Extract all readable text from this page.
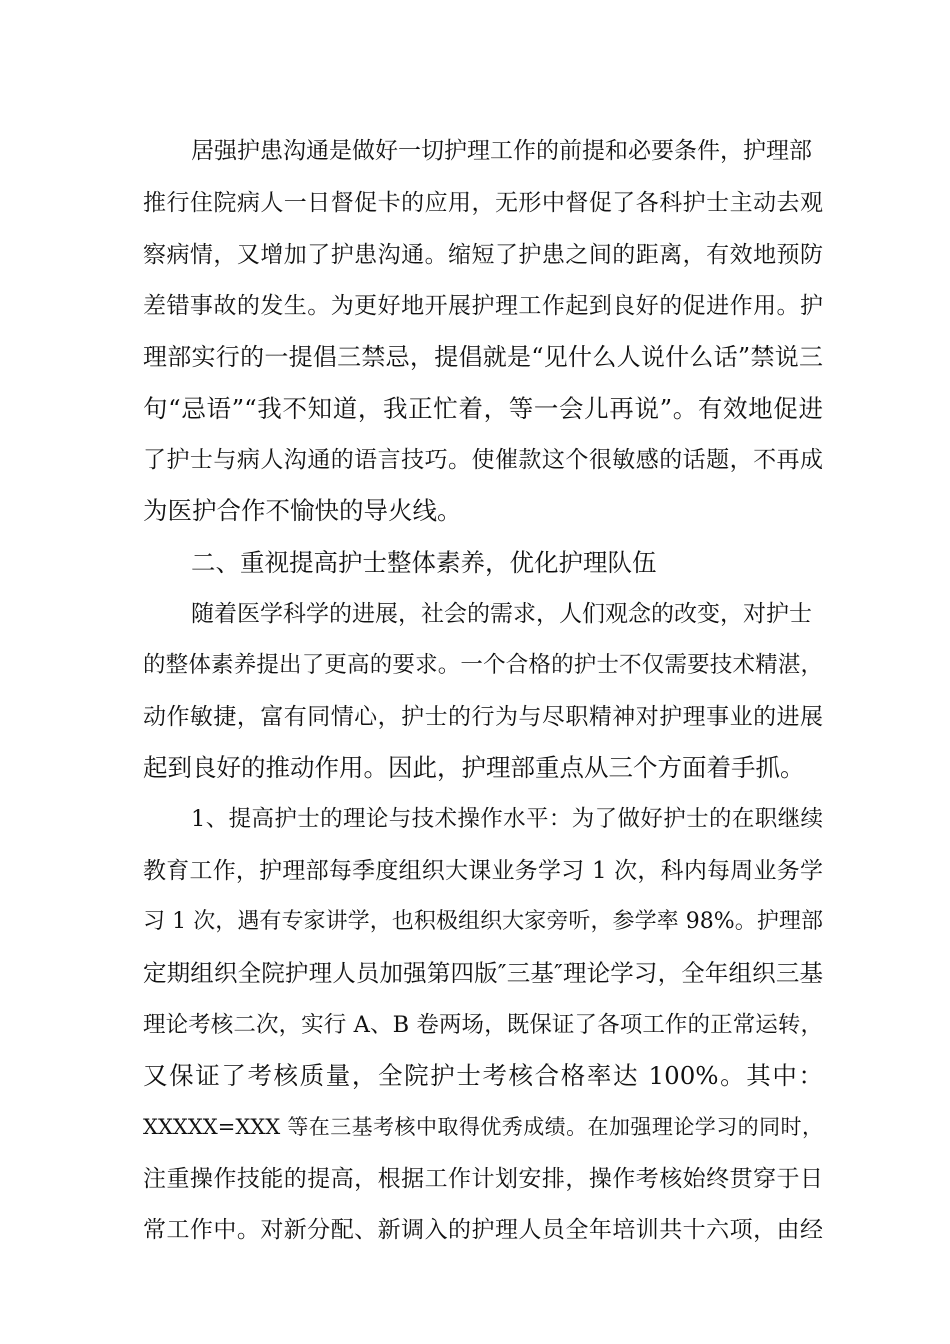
居强护患沟通是做好一切护理工作的前提和必要条件，护理部
推行住院病人一日督促卡的应用，无形中督促了各科护士主动去观
察病情，又增加了护患沟通。缩短了护患之间的距离，有效地预防
差错事故的发生。为更好地开展护理工作起到良好的促进作用。护
理部实行的一提倡三禁忌，提倡就是“见什么人说什么话”禁说三
句“忌语”“我不知道，我正忙着，等一会儿再说”。有效地促进
了护士与病人沟通的语言技巧。使催款这个很敏感的话题，不再成
为医护合作不愉快的导火线。
二、重视提高护士整体素养，优化护理队伍
随着医学科学的进展，社会的需求，人们观念的改变，对护士
的整体素养提出了更高的要求。一个合格的护士不仅需要技术精湛，
动作敏捷，富有同情心，护士的行为与尽职精神对护理事业的进展
起到良好的推动作用。因此，护理部重点从三个方面着手抓。
1、提高护士的理论与技术操作水平：为了做好护士的在职继续
教育工作，护理部每季度组织大课业务学习 1 次，科内每周业务学
习 1 次，遇有专家讲学，也积极组织大家旁听，参学率 98%。护理部
定期组织全院护理人员加强第四版″三基″理论学习，全年组织三基
理论考核二次，实行 A、B 卷两场，既保证了各项工作的正常运转，
又保证了考核质量，全院护士考核合格率达 100%。其中：
XXXXX=XXX 等在三基考核中取得优秀成绩。在加强理论学习的同时，
注重操作技能的提高，根据工作计划安排，操作考核始终贯穿于日
常工作中。对新分配、新调入的护理人员全年培训共十六项，由经
